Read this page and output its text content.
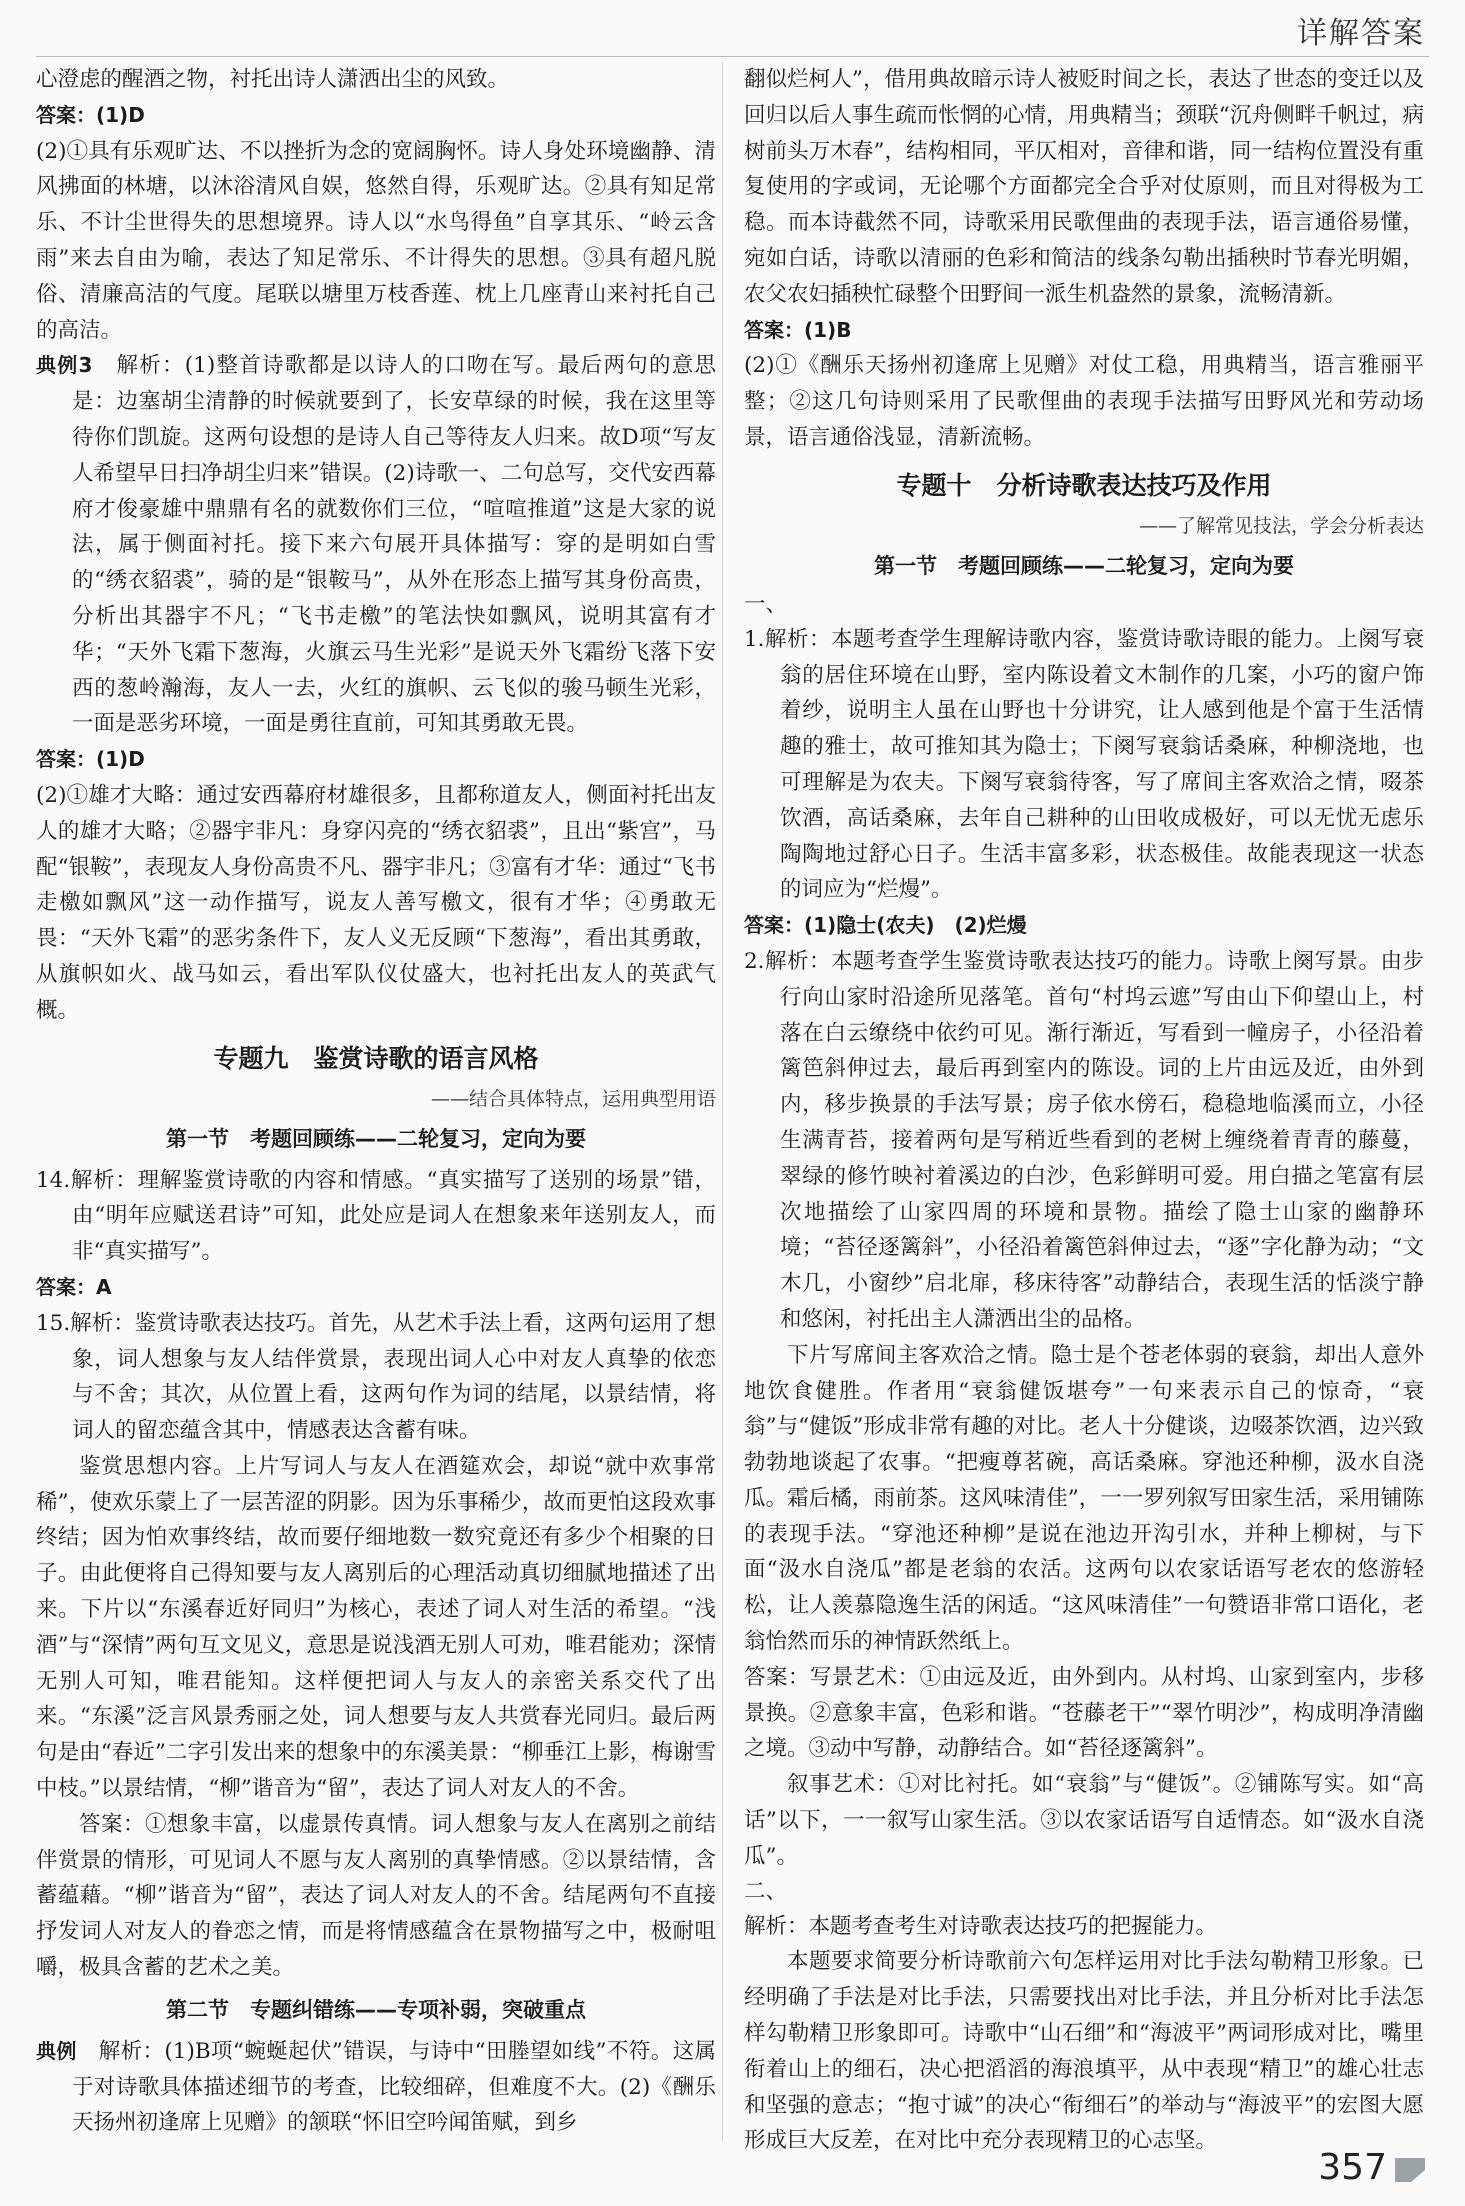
详解答案

心澄虑的醒酒之物，衬托出诗人潇洒出尘的风致。

答案：(1)D

(2)①具有乐观旷达、不以挫折为念的宽阔胸怀。诗人身处环境幽静、清风拂面的林塘，以沐浴清风自娱，悠然自得，乐观旷达。②具有知足常乐、不计尘世得失的思想境界。诗人以“水鸟得鱼”自享其乐、“岭云含雨”来去自由为喻，表达了知足常乐、不计得失的思想。③具有超凡脱俗、清廉高洁的气度。尾联以塘里万枝香莲、枕上几座青山来衬托自己的高洁。

典例3　 解析：(1)整首诗歌都是以诗人的口吻在写。最后两句的意思是：边塞胡尘清静的时候就要到了，长安草绿的时候，我在这里等待你们凯旋。这两句设想的是诗人自己等待友人归来。故D项“写友人希望早日扫净胡尘归来”错误。(2)诗歌一、二句总写，交代安西幕府才俊豪雄中鼎鼎有名的就数你们三位，“喧喧推道”这是大家的说法，属于侧面衬托。接下来六句展开具体描写：穿的是明如白雪的“绣衣貂裘”，骑的是“银鞍马”，从外在形态上描写其身份高贵，分析出其器宇不凡；“飞书走檄”的笔法快如飘风，说明其富有才华；“天外飞霜下葱海，火旗云马生光彩”是说天外飞霜纷飞落下安西的葱岭瀚海，友人一去，火红的旗帜、云飞似的骏马顿生光彩，一面是恶劣环境，一面是勇往直前，可知其勇敢无畏。

答案：(1)D

(2)①雄才大略：通过安西幕府材雄很多，且都称道友人，侧面衬托出友人的雄才大略；②器宇非凡：身穿闪亮的“绣衣貂裘”，且出“紫宫”，马配“银鞍”，表现友人身份高贵不凡、器宇非凡；③富有才华：通过“飞书走檄如飘风”这一动作描写，说友人善写檄文，很有才华；④勇敢无畏：“天外飞霜”的恶劣条件下，友人义无反顾“下葱海”，看出其勇敢，从旗帜如火、战马如云，看出军队仪仗盛大，也衬托出友人的英武气概。

专题九　鉴赏诗歌的语言风格
——结合具体特点，运用典型用语
第一节　考题回顾练——二轮复习，定向为要

14.解析：理解鉴赏诗歌的内容和情感。“真实描写了送别的场景”错，由“明年应赋送君诗”可知，此处应是词人在想象来年送别友人，而非“真实描写”。

答案：A

15.解析：鉴赏诗歌表达技巧。首先，从艺术手法上看，这两句运用了想象，词人想象与友人结伴赏景，表现出词人心中对友人真挚的依恋与不舍；其次，从位置上看，这两句作为词的结尾，以景结情，将词人的留恋蕴含其中，情感表达含蓄有味。

鉴赏思想内容。上片写词人与友人在酒筵欢会，却说“就中欢事常稀”，使欢乐蒙上了一层苦涩的阴影。因为乐事稀少，故而更怕这段欢事终结；因为怕欢事终结，故而要仔细地数一数究竟还有多少个相聚的日子。由此便将自己得知要与友人离别后的心理活动真切细腻地描述了出来。下片以“东溪春近好同归”为核心，表述了词人对生活的希望。“浅酒”与“深情”两句互文见义，意思是说浅酒无别人可劝，唯君能劝；深情无别人可知，唯君能知。这样便把词人与友人的亲密关系交代了出来。“东溪”泛言风景秀丽之处，词人想要与友人共赏春光同归。最后两句是由“春近”二字引发出来的想象中的东溪美景：“柳垂江上影，梅谢雪中枝。”以景结情，“柳”谐音为“留”，表达了词人对友人的不舍。

答案：①想象丰富，以虚景传真情。词人想象与友人在离别之前结伴赏景的情形，可见词人不愿与友人离别的真挚情感。②以景结情，含蓄蕴藉。“柳”谐音为“留”，表达了词人对友人的不舍。结尾两句不直接抒发词人对友人的眷恋之情，而是将情感蕴含在景物描写之中，极耐咀嚼，极具含蓄的艺术之美。

第二节　专题纠错练——专项补弱，突破重点

典例　 解析：(1)B项“蜿蜒起伏”错误，与诗中“田塍望如线”不符。这属于对诗歌具体描述细节的考查，比较细碎，但难度不大。(2)《酬乐天扬州初逢席上见赠》的颔联“怀旧空吟闻笛赋，到乡

翻似烂柯人”，借用典故暗示诗人被贬时间之长，表达了世态的变迁以及回归以后人事生疏而怅惘的心情，用典精当；颈联“沉舟侧畔千帆过，病树前头万木春”，结构相同，平仄相对，音律和谐，同一结构位置没有重复使用的字或词，无论哪个方面都完全合乎对仗原则，而且对得极为工稳。而本诗截然不同，诗歌采用民歌俚曲的表现手法，语言通俗易懂，宛如白话，诗歌以清丽的色彩和简洁的线条勾勒出插秧时节春光明媚，农父农妇插秧忙碌整个田野间一派生机盎然的景象，流畅清新。

答案：(1)B

(2)①《酬乐天扬州初逢席上见赠》对仗工稳，用典精当，语言雅丽平整；②这几句诗则采用了民歌俚曲的表现手法描写田野风光和劳动场景，语言通俗浅显，清新流畅。

专题十　分析诗歌表达技巧及作用
——了解常见技法，学会分析表达
第一节　考题回顾练——二轮复习，定向为要
一、

1.解析：本题考查学生理解诗歌内容，鉴赏诗歌诗眼的能力。上阕写衰翁的居住环境在山野，室内陈设着文木制作的几案，小巧的窗户饰着纱，说明主人虽在山野也十分讲究，让人感到他是个富于生活情趣的雅士，故可推知其为隐士；下阕写衰翁话桑麻，种柳浇地，也可理解是为农夫。下阕写衰翁待客，写了席间主客欢洽之情，啜茶饮酒，高话桑麻，去年自己耕种的山田收成极好，可以无忧无虑乐陶陶地过舒心日子。生活丰富多彩，状态极佳。故能表现这一状态的词应为“烂熳”。

答案：(1)隐士(农夫)　(2)烂熳

2.解析：本题考查学生鉴赏诗歌表达技巧的能力。诗歌上阕写景。由步行向山家时沿途所见落笔。首句“村坞云遮”写由山下仰望山上，村落在白云缭绕中依约可见。渐行渐近，写看到一幢房子，小径沿着篱笆斜伸过去，最后再到室内的陈设。词的上片由远及近，由外到内，移步换景的手法写景；房子依水傍石，稳稳地临溪而立，小径生满青苔，接着两句是写稍近些看到的老树上缠绕着青青的藤蔓，翠绿的修竹映衬着溪边的白沙，色彩鲜明可爱。用白描之笔富有层次地描绘了山家四周的环境和景物。描绘了隐士山家的幽静环境；“苔径逐篱斜”，小径沿着篱笆斜伸过去，“逐”字化静为动；“文木几，小窗纱”启北扉，移床待客”动静结合，表现生活的恬淡宁静和悠闲，衬托出主人潇洒出尘的品格。

下片写席间主客欢洽之情。隐士是个苍老体弱的衰翁，却出人意外地饮食健胜。作者用“衰翁健饭堪夸”一句来表示自己的惊奇，“衰翁”与“健饭”形成非常有趣的对比。老人十分健谈，边啜茶饮酒，边兴致勃勃地谈起了农事。“把瘦尊茗碗，高话桑麻。穿池还种柳，汲水自浇瓜。霜后橘，雨前茶。这风味清佳”，一一罗列叙写田家生活，采用铺陈的表现手法。“穿池还种柳”是说在池边开沟引水，并种上柳树，与下面“汲水自浇瓜”都是老翁的农活。这两句以农家话语写老农的悠游轻松，让人羡慕隐逸生活的闲适。“这风味清佳”一句赞语非常口语化，老翁怡然而乐的神情跃然纸上。

答案：写景艺术：①由远及近，由外到内。从村坞、山家到室内，步移景换。②意象丰富，色彩和谐。“苍藤老干”“翠竹明沙”，构成明净清幽之境。③动中写静，动静结合。如“苔径逐篱斜”。

叙事艺术：①对比衬托。如“衰翁”与“健饭”。②铺陈写实。如“高话”以下，一一叙写山家生活。③以农家话语写自适情态。如“汲水自浇瓜”。

二、

解析：本题考查考生对诗歌表达技巧的把握能力。

本题要求简要分析诗歌前六句怎样运用对比手法勾勒精卫形象。已经明确了手法是对比手法，只需要找出对比手法，并且分析对比手法怎样勾勒精卫形象即可。诗歌中“山石细”和“海波平”两词形成对比，嘴里衔着山上的细石，决心把滔滔的海浪填平，从中表现“精卫”的雄心壮志和坚强的意志；“抱寸诚”的决心“衔细石”的举动与“海波平”的宏图大愿形成巨大反差，在对比中充分表现精卫的心志坚。

357
